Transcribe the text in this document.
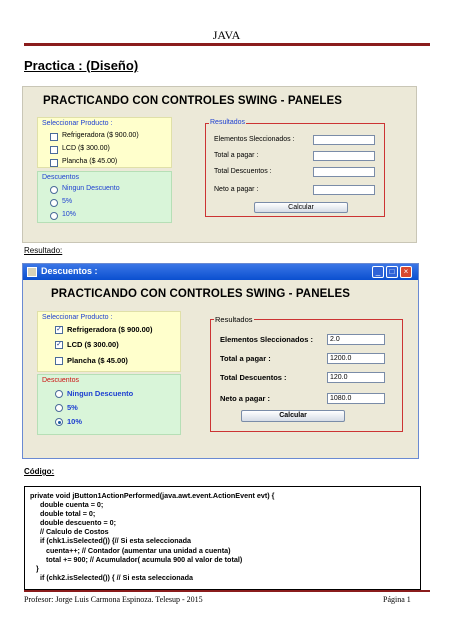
JAVA
Practica : (Diseño)
PRACTICANDO CON CONTROLES SWING - PANELES
Seleccionar Producto :
Refrigeradora ($ 900.00)
LCD ($ 300.00)
Plancha ($ 45.00)
Descuentos
Ningun Descuento
5%
10%
Resultados
Elementos Sleccionados :
Total a pagar :
Total Descuentos :
Neto a pagar :
Calcular
Resultado:
Descuentos :	_	□	×
PRACTICANDO CON CONTROLES SWING - PANELES
Seleccionar Producto :
✓ Refrigeradora ($ 900.00)
✓ LCD ($ 300.00)
Plancha ($ 45.00)
Descuentos
Ningun Descuento
5%
10%
Resultados
Elementos Sleccionados :	2.0
Total a pagar :	1200.0
Total Descuentos :	120.0
Neto a pagar :	1080.0
Calcular
Código:
private void jButton1ActionPerformed(java.awt.event.ActionEvent evt) {
double cuenta = 0;
double total = 0;
double descuento = 0;
// Calculo de Costos
if (chk1.isSelected()) {// Si esta seleccionada
cuenta++; // Contador (aumentar una unidad a cuenta)
total += 900; // Acumulador( acumula 900 al valor de total)
}
if (chk2.isSelected()) { // Si esta seleccionada
Profesor: Jorge Luis Carmona Espinoza. Telesup - 2015	Página 1
